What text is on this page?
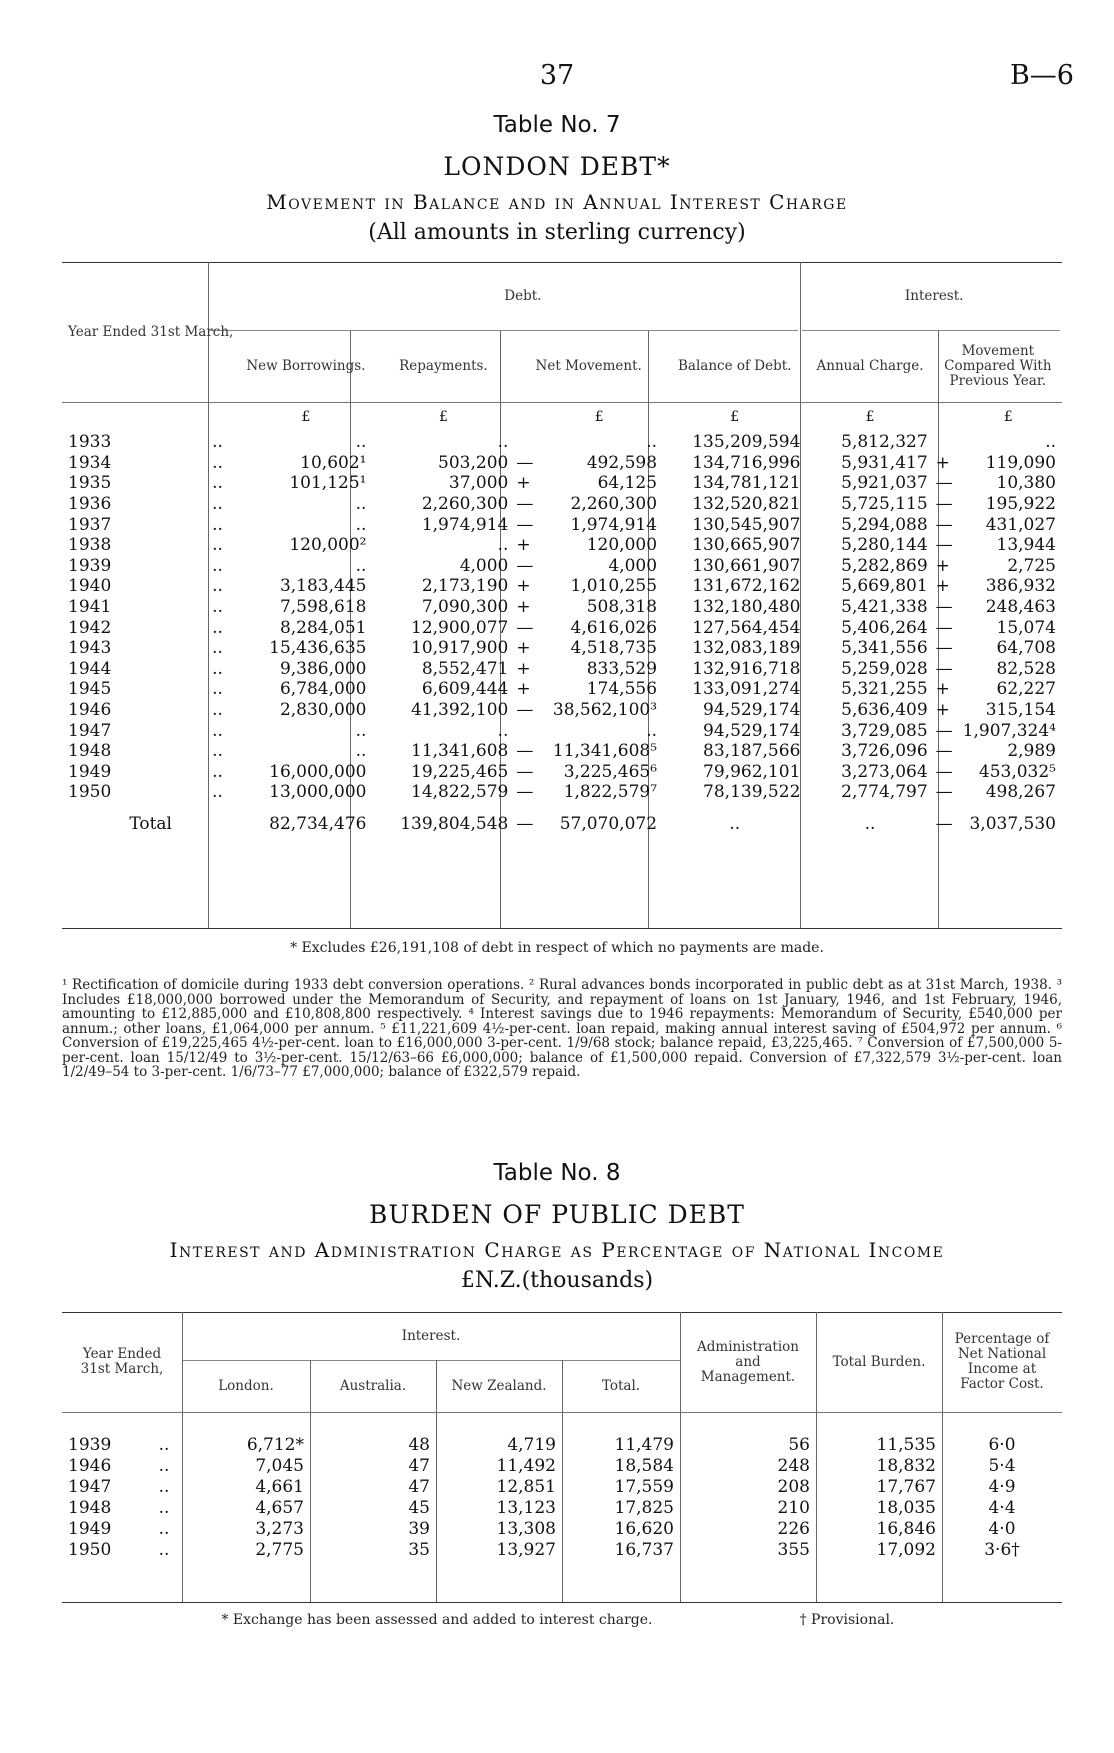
37	B—6
Table No. 7
LONDON DEBT*
Movement in Balance and in Annual Interest Charge
(All amounts in sterling currency)
Year Ended 31st March,		Debt.					Interest.		
		New Borrowings.	Repayments.	Net Movement.		Balance of Debt.	Annual Charge.	Movement Compared With Previous Year.	
		£	£		£	£	£		£
1933	..	..	..		..	135,209,594	5,812,327		..
1934	..	10,602¹	503,200	—	492,598	134,716,996	5,931,417	+	119,090
1935	..	101,125¹	37,000	+	64,125	134,781,121	5,921,037	—	10,380
1936	..	..	2,260,300	—	2,260,300	132,520,821	5,725,115	—	195,922
1937	..	..	1,974,914	—	1,974,914	130,545,907	5,294,088	—	431,027
1938	..	120,000²	..	+	120,000	130,665,907	5,280,144	—	13,944
1939	..	..	4,000	—	4,000	130,661,907	5,282,869	+	2,725
1940	..	3,183,445	2,173,190	+	1,010,255	131,672,162	5,669,801	+	386,932
1941	..	7,598,618	7,090,300	+	508,318	132,180,480	5,421,338	—	248,463
1942	..	8,284,051	12,900,077	—	4,616,026	127,564,454	5,406,264	—	15,074
1943	..	15,436,635	10,917,900	+	4,518,735	132,083,189	5,341,556	—	64,708
1944	..	9,386,000	8,552,471	+	833,529	132,916,718	5,259,028	—	82,528
1945	..	6,784,000	6,609,444	+	174,556	133,091,274	5,321,255	+	62,227
1946	..	2,830,000	41,392,100	—	38,562,100³	94,529,174	5,636,409	+	315,154
1947	..	..	..		..	94,529,174	3,729,085	—	1,907,324⁴
1948	..	..	11,341,608	—	11,341,608⁵	83,187,566	3,726,096	—	2,989
1949	..	16,000,000	19,225,465	—	3,225,465⁶	79,962,101	3,273,064	—	453,032⁵
1950	..	13,000,000	14,822,579	—	1,822,579⁷	78,139,522	2,774,797	—	498,267

Total		82,734,476	139,804,548	—	57,070,072	..	..	—	3,037,530
* Excludes £26,191,108 of debt in respect of which no payments are made.
¹ Rectification of domicile during 1933 debt conversion operations. ² Rural advances bonds incorporated in public debt as at 31st March, 1938. ³ Includes £18,000,000 borrowed under the Memorandum of Security, and repayment of loans on 1st January, 1946, and 1st February, 1946, amounting to £12,885,000 and £10,808,800 respectively. ⁴ Interest savings due to 1946 repayments: Memorandum of Security, £540,000 per annum.; other loans, £1,064,000 per annum. ⁵ £11,221,609 4½-per-cent. loan repaid, making annual interest saving of £504,972 per annum. ⁶ Conversion of £19,225,465 4½-per-cent. loan to £16,000,000 3-per-cent. 1/9/68 stock; balance repaid, £3,225,465. ⁷ Conversion of £7,500,000 5-per-cent. loan 15/12/49 to 3½-per-cent. 15/12/63–66 £6,000,000; balance of £1,500,000 repaid. Conversion of £7,322,579 3½-per-cent. loan 1/2/49–54 to 3-per-cent. 1/6/73–77 £7,000,000; balance of £322,579 repaid.
Table No. 8
BURDEN OF PUBLIC DEBT
Interest and Administration Charge as Percentage of National Income
£N.Z.(thousands)
Year Ended 31st March,		Interest.				Administration and Management.	Total Burden.	Percentage of Net National Income at Factor Cost.
		London.	Australia.	New Zealand.	Total.			

1939	..	6,712*	48	4,719	11,479	56	11,535	6·0
1946	..	7,045	47	11,492	18,584	248	18,832	5·4
1947	..	4,661	47	12,851	17,559	208	17,767	4·9
1948	..	4,657	45	13,123	17,825	210	18,035	4·4
1949	..	3,273	39	13,308	16,620	226	16,846	4·0
1950	..	2,775	35	13,927	16,737	355	17,092	3·6†
* Exchange has been assessed and added to interest charge.	† Provisional.
